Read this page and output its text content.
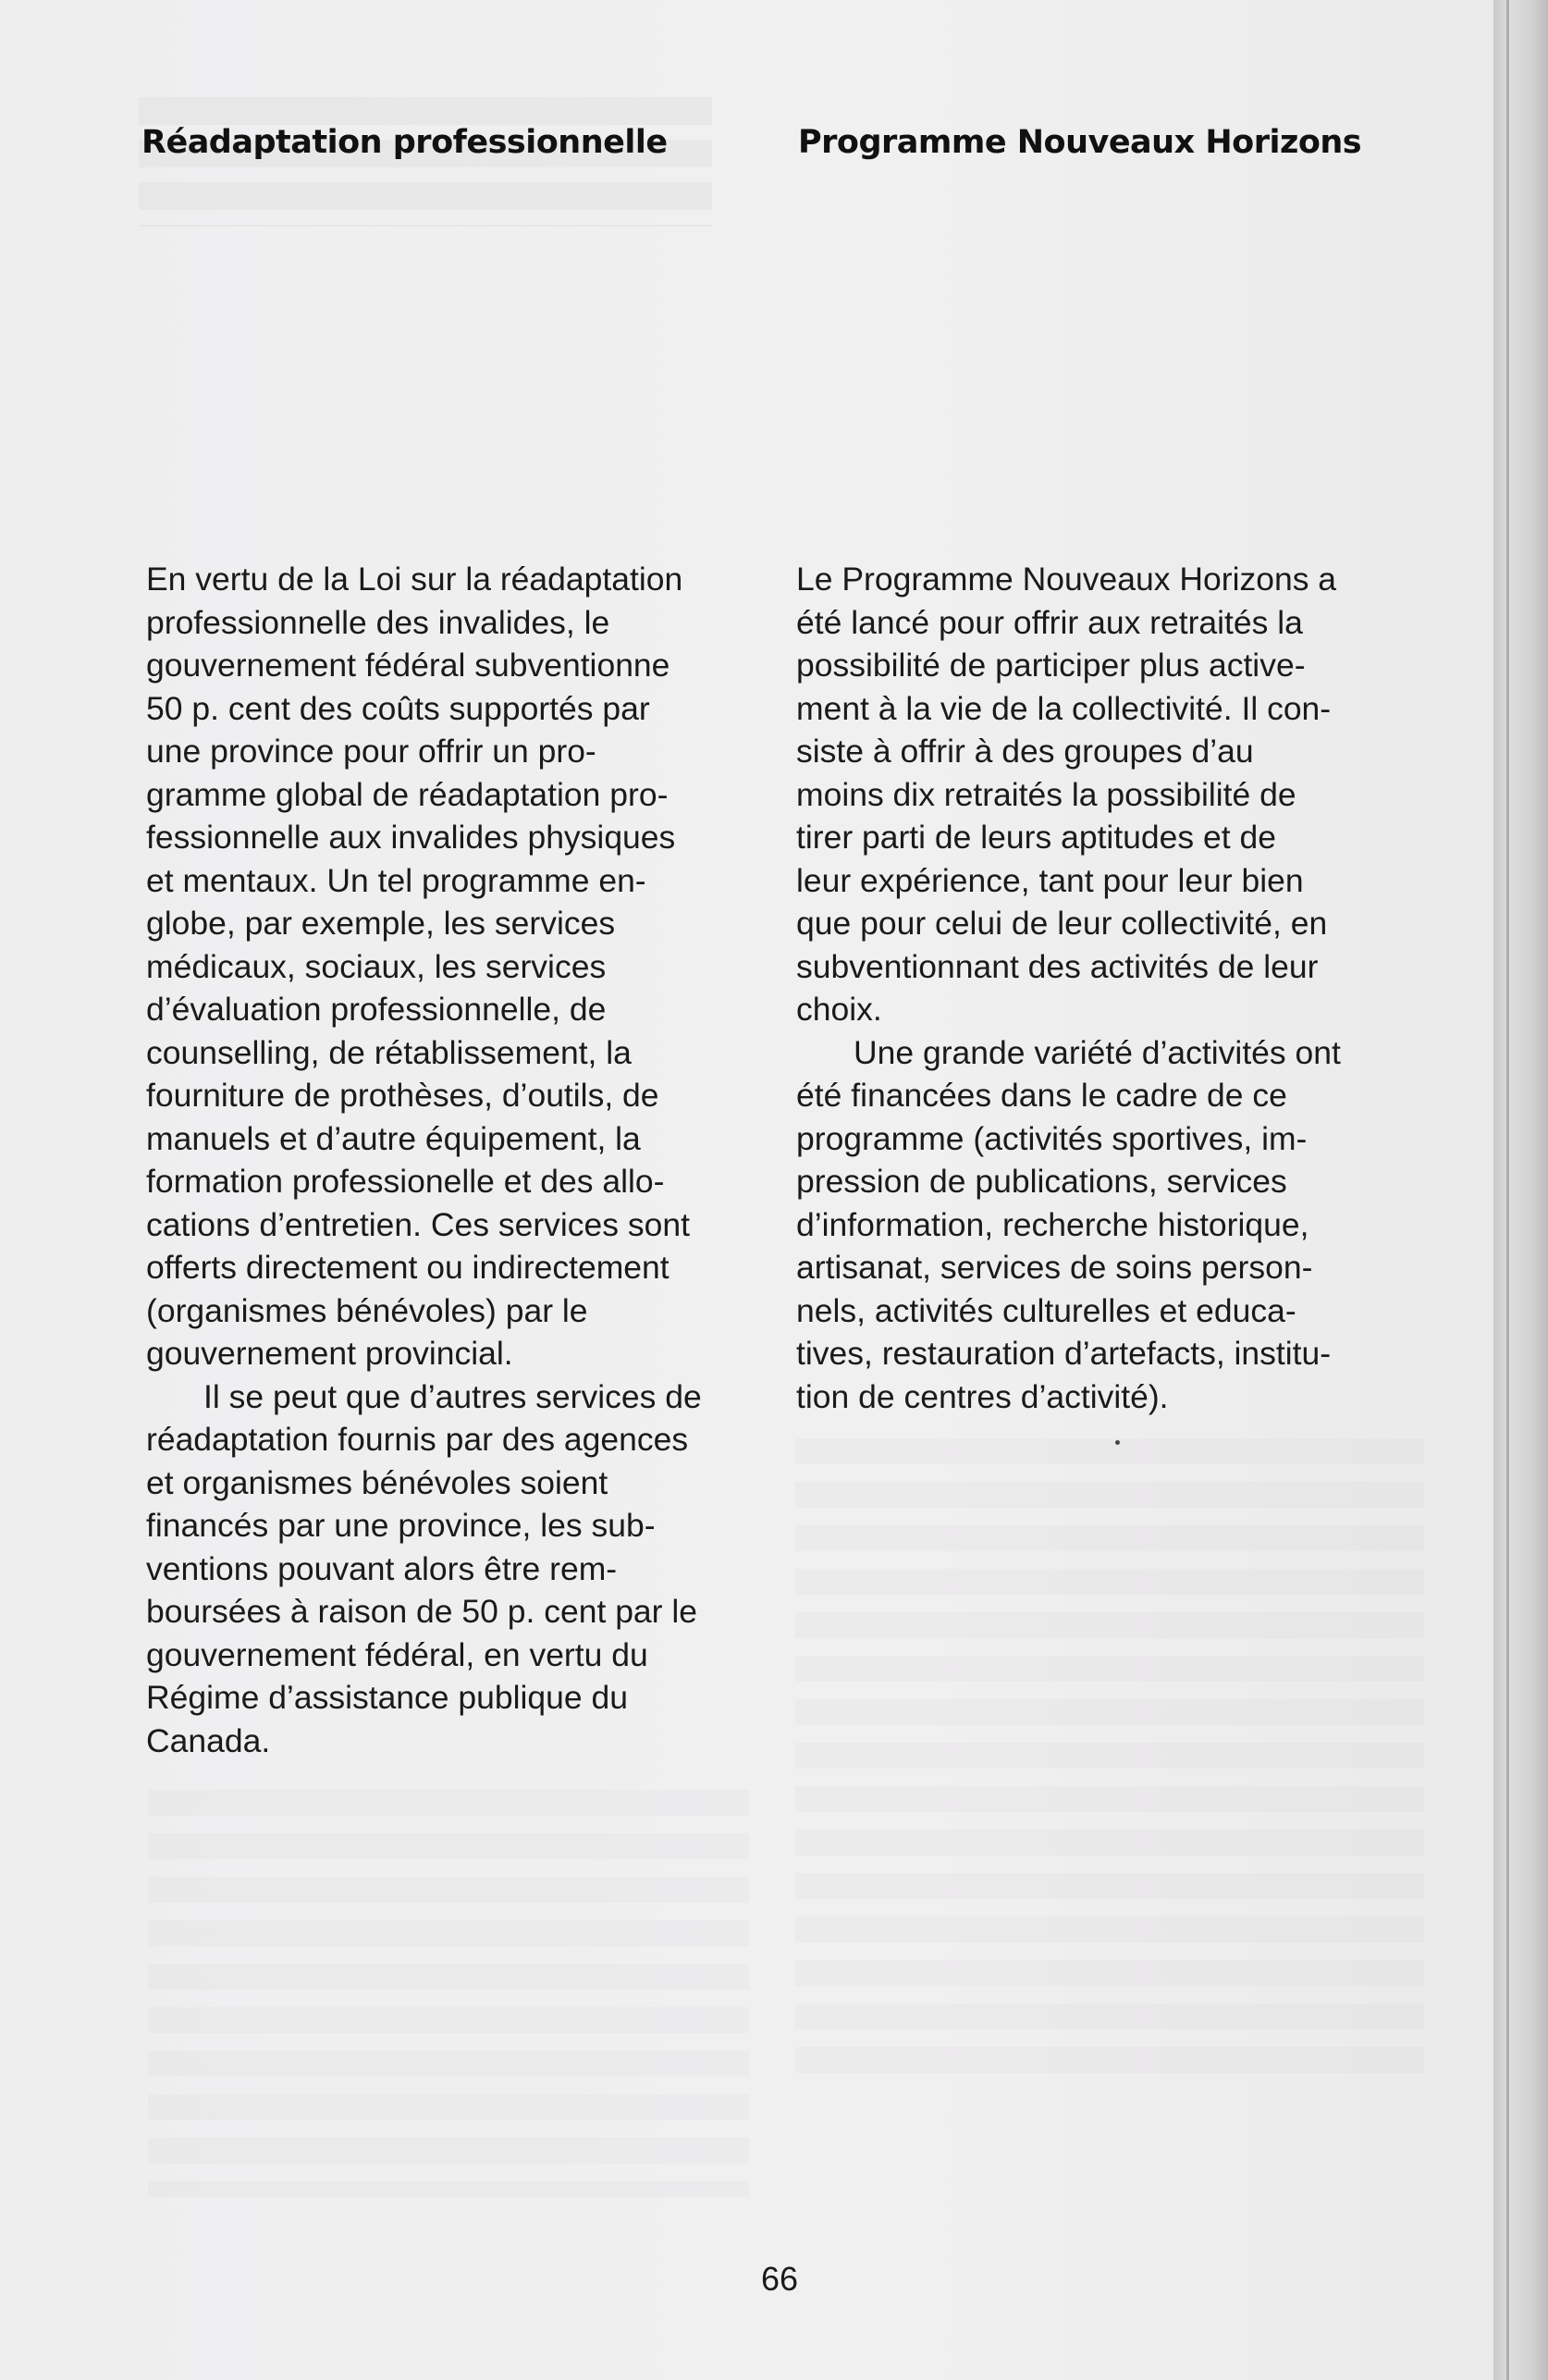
Réadaptation professionnelle	Programme Nouveaux Horizons

En vertu de la Loi sur la réadaptation
professionnelle des invalides, le
gouvernement fédéral subventionne
50 p. cent des coûts supportés par
une province pour offrir un pro-
gramme global de réadaptation pro-
fessionnelle aux invalides physiques
et mentaux. Un tel programme en-
globe, par exemple, les services
médicaux, sociaux, les services
d’évaluation professionnelle, de
counselling, de rétablissement, la
fourniture de prothèses, d’outils, de
manuels et d’autre équipement, la
formation professionelle et des allo-
cations d’entretien. Ces services sont
offerts directement ou indirectement
(organismes bénévoles) par le
gouvernement provincial.

Il se peut que d’autres services de
réadaptation fournis par des agences
et organismes bénévoles soient
financés par une province, les sub-
ventions pouvant alors être rem-
boursées à raison de 50 p. cent par le
gouvernement fédéral, en vertu du
Régime d’assistance publique du
Canada.

Le Programme Nouveaux Horizons a
été lancé pour offrir aux retraités la
possibilité de participer plus active-
ment à la vie de la collectivité. Il con-
siste à offrir à des groupes d’au
moins dix retraités la possibilité de
tirer parti de leurs aptitudes et de
leur expérience, tant pour leur bien
que pour celui de leur collectivité, en
subventionnant des activités de leur
choix.

Une grande variété d’activités ont
été financées dans le cadre de ce
programme (activités sportives, im-
pression de publications, services
d’information, recherche historique,
artisanat, services de soins person-
nels, activités culturelles et educa-
tives, restauration d’artefacts, institu-
tion de centres d’activité).

66
